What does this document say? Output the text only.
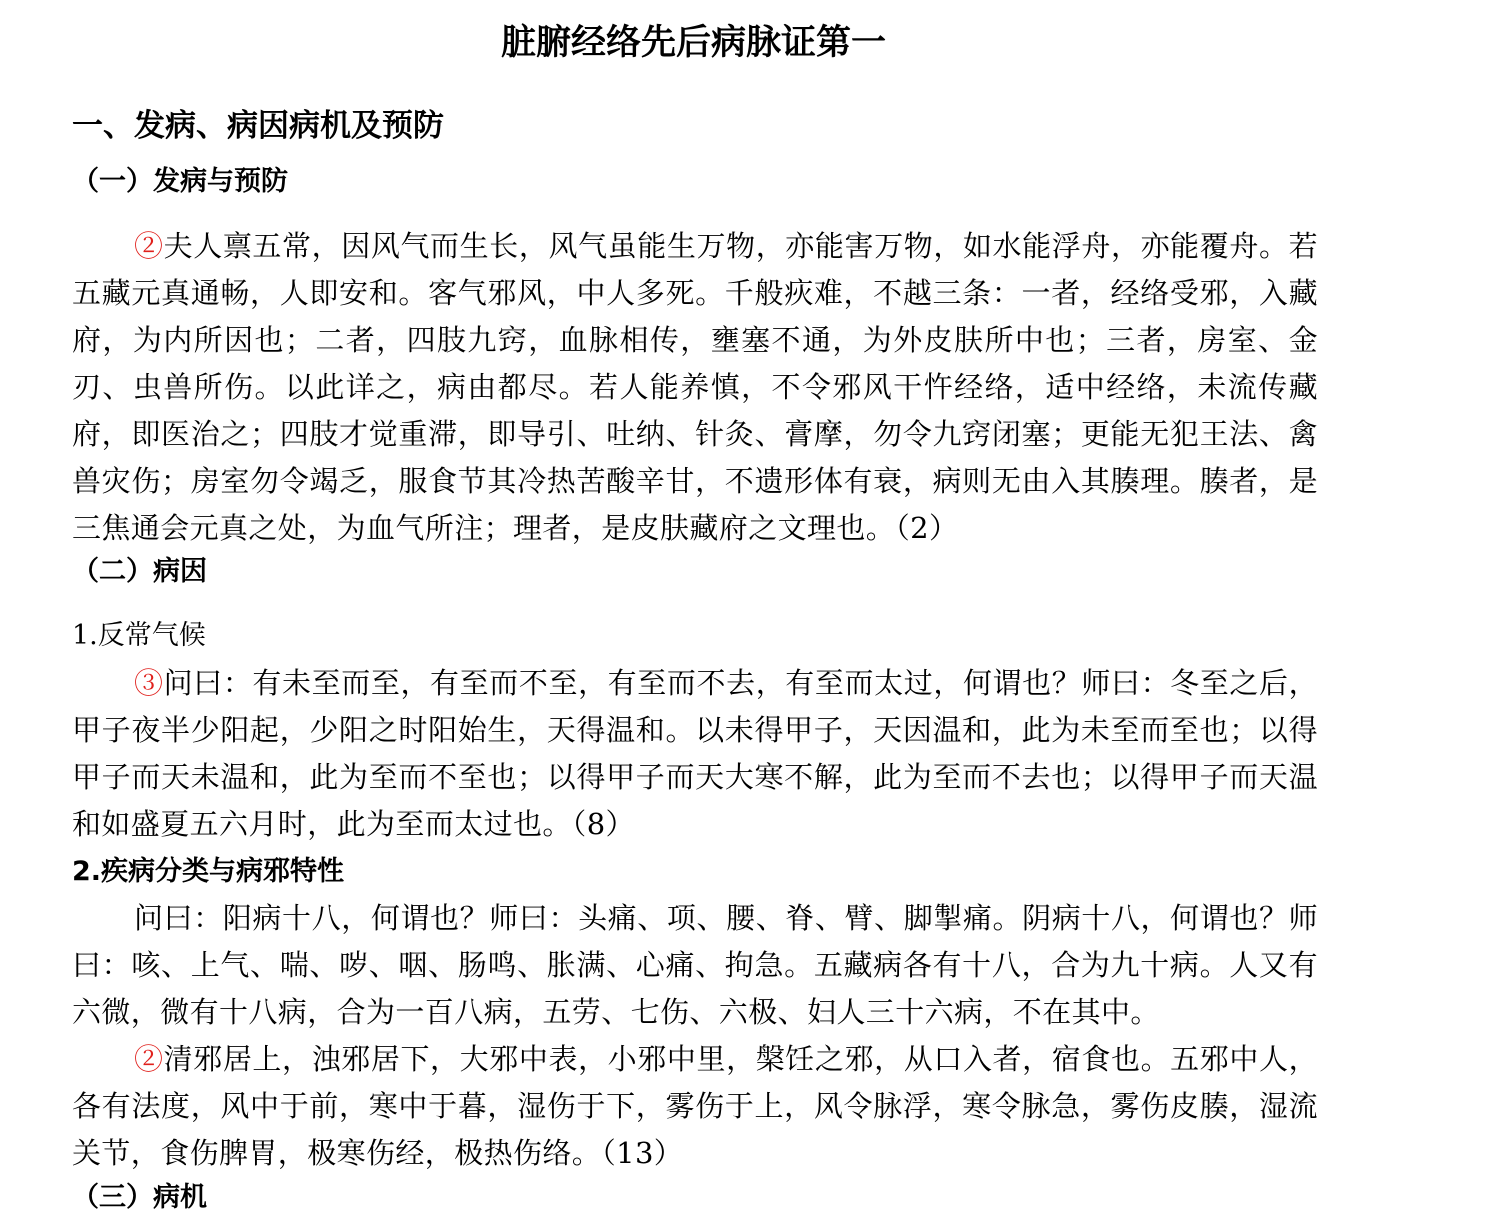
脏腑经络先后病脉证第一
一、发病、病因病机及预防
（一）发病与预防
②夫人禀五常，因风气而生长，风气虽能生万物，亦能害万物，如水能浮舟，亦能覆舟。若五藏元真通畅，人即安和。客气邪风，中人多死。千般疢难，不越三条：一者，经络受邪，入藏府，为内所因也；二者，四肢九窍，血脉相传，壅塞不通，为外皮肤所中也；三者，房室、金刃、虫兽所伤。以此详之，病由都尽。若人能养慎，不令邪风干忤经络，适中经络，未流传藏府，即医治之；四肢才觉重滞，即导引、吐纳、针灸、膏摩，勿令九窍闭塞；更能无犯王法、禽兽灾伤；房室勿令竭乏，服食节其冷热苦酸辛甘，不遗形体有衰，病则无由入其腠理。腠者，是三焦通会元真之处，为血气所注；理者，是皮肤藏府之文理也。（2）
（二）病因
1.反常气候
③问曰：有未至而至，有至而不至，有至而不去，有至而太过，何谓也？师曰：冬至之后，甲子夜半少阳起，少阳之时阳始生，天得温和。以未得甲子，天因温和，此为未至而至也；以得甲子而天未温和，此为至而不至也；以得甲子而天大寒不解，此为至而不去也；以得甲子而天温和如盛夏五六月时，此为至而太过也。（8）
2.疾病分类与病邪特性
问曰：阳病十八，何谓也？师曰：头痛、项、腰、脊、臂、脚掣痛。阴病十八，何谓也？师曰：咳、上气、喘、哕、咽、肠鸣、胀满、心痛、拘急。五藏病各有十八，合为九十病。人又有六微，微有十八病，合为一百八病，五劳、七伤、六极、妇人三十六病，不在其中。
②清邪居上，浊邪居下，大邪中表，小邪中里，槃饪之邪，从口入者，宿食也。五邪中人，各有法度，风中于前，寒中于暮，湿伤于下，雾伤于上，风令脉浮，寒令脉急，雾伤皮腠，湿流关节，食伤脾胃，极寒伤经，极热伤络。（13）
（三）病机
